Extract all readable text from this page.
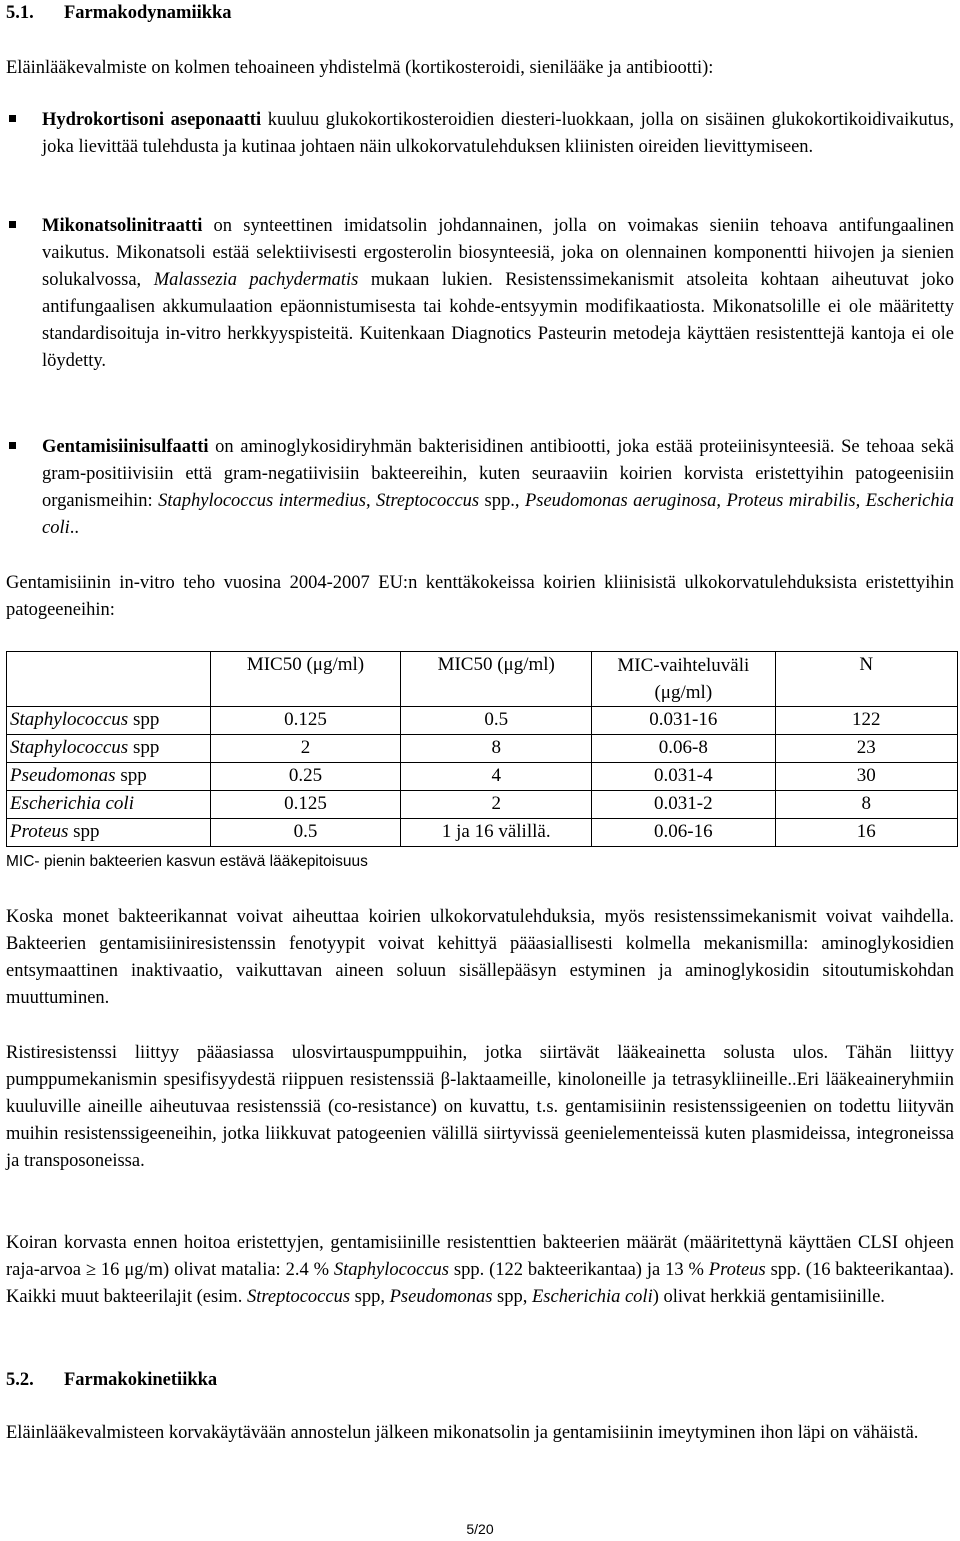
5.1. Farmakodynamiikka

Eläinlääkevalmiste on kolmen tehoaineen yhdistelmä (kortikosteroidi, sienilääke ja antibiootti):

Hydrokortisoni aseponaatti kuuluu glukokortikosteroidien diesteri-luokkaan, jolla on sisäinen glukokortikoidivaikutus, joka lievittää tulehdusta ja kutinaa johtaen näin ulkokorvatulehduksen kliinisten oireiden lievittymiseen.
Mikonatsolinitraatti on synteettinen imidatsolin johdannainen, jolla on voimakas sieniin tehoava antifungaalinen vaikutus. Mikonatsoli estää selektiivisesti ergosterolin biosynteesiä, joka on olennainen komponentti hiivojen ja sienien solukalvossa, Malassezia pachydermatis mukaan lukien. Resistenssimekanismit atsoleita kohtaan aiheutuvat joko antifungaalisen akkumulaation epäonnistumisesta tai kohde-entsyymin modifikaatiosta. Mikonatsolille ei ole määritetty standardisoituja in-vitro herkkyyspisteitä. Kuitenkaan Diagnotics Pasteurin metodeja käyttäen resistenttejä kantoja ei ole löydetty.
Gentamisiinisulfaatti on aminoglykosidiryhmän bakterisidinen antibiootti, joka estää proteiinisynteesiä. Se tehoaa sekä gram-positiivisiin että gram-negatiivisiin bakteereihin, kuten seuraaviin koirien korvista eristettyihin patogeenisiin organismeihin: Staphylococcus intermedius, Streptococcus spp., Pseudomonas aeruginosa, Proteus mirabilis, Escherichia coli..

Gentamisiinin in-vitro teho vuosina 2004-2007 EU:n kenttäkokeissa koirien kliinisistä ulkokorvatulehduksista eristettyihin patogeeneihin:

	MIC50 (μg/ml)	MIC50 (μg/ml)	MIC-vaihteluväli (μg/ml)	N
Staphylococcus spp	0.125	0.5	0.031-16	122
Staphylococcus spp	2	8	0.06-8	23
Pseudomonas spp	0.25	4	0.031-4	30
Escherichia coli	0.125	2	0.031-2	8
Proteus spp	0.5	1 ja 16 välillä.	0.06-16	16

MIC- pienin bakteerien kasvun estävä lääkepitoisuus

Koska monet bakteerikannat voivat aiheuttaa koirien ulkokorvatulehduksia, myös resistenssimekanismit voivat vaihdella. Bakteerien gentamisiiniresistenssin fenotyypit voivat kehittyä pääasiallisesti kolmella mekanismilla: aminoglykosidien entsymaattinen inaktivaatio, vaikuttavan aineen soluun sisällepääsyn estyminen ja aminoglykosidin sitoutumiskohdan muuttuminen.

Ristiresistenssi liittyy pääasiassa ulosvirtauspumppuihin, jotka siirtävät lääkeainetta solusta ulos. Tähän liittyy pumppumekanismin spesifisyydestä riippuen resistenssiä β-laktaameille, kinoloneille ja tetrasykliineille..Eri lääkeaineryhmiin kuuluville aineille aiheutuvaa resistenssiä (co-resistance) on kuvattu, t.s. gentamisiinin resistenssigeenien on todettu liityvän muihin resistenssigeeneihin, jotka liikkuvat patogeenien välillä siirtyvissä geenielementeissä kuten plasmideissa, integroneissa ja transposoneissa.

Koiran korvasta ennen hoitoa eristettyjen, gentamisiinille resistenttien bakteerien määrät (määritettynä käyttäen CLSI ohjeen raja-arvoa ≥ 16 μg/m) olivat matalia: 2.4 % Staphylococcus spp. (122 bakteerikantaa) ja 13 % Proteus spp. (16 bakteerikantaa). Kaikki muut bakteerilajit (esim. Streptococcus spp, Pseudomonas spp, Escherichia coli) olivat herkkiä gentamisiinille.

5.2. Farmakokinetiikka

Eläinlääkevalmisteen korvakäytävään annostelun jälkeen mikonatsolin ja gentamisiinin imeytyminen ihon läpi on vähäistä.

5/20
